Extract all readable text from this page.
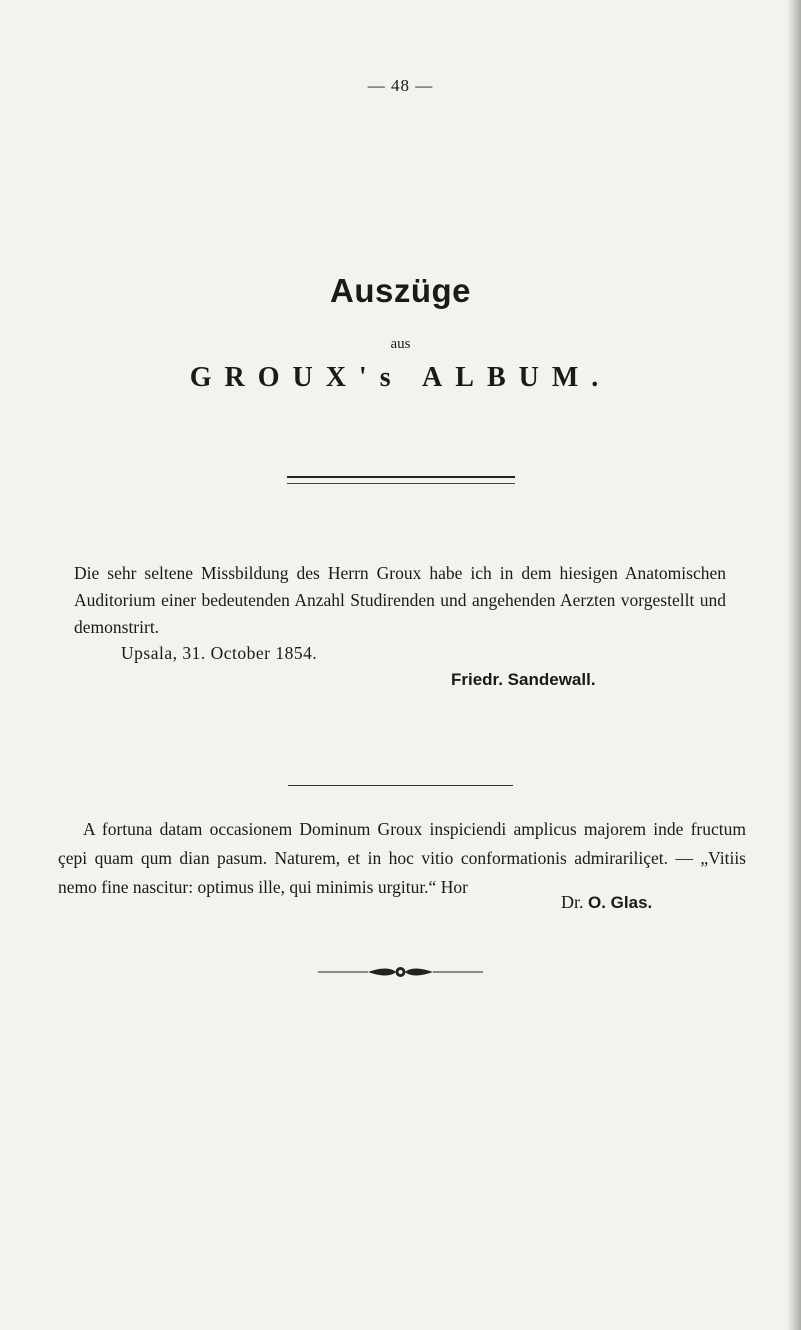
— 48 —
Auszüge
aus
GROUX's ALBUM.

Die sehr seltene Missbildung des Herrn Groux habe ich in dem hiesigen Anatomischen Auditorium einer bedeutenden Anzahl Studirenden und angehenden Aerzten vorgestellt und demonstrirt.

Upsala, 31. October 1854.
Friedr. Sandewall.

A fortuna datam occasionem Dominum Groux inspiciendi amplicus majorem inde fructum çepi quam qum dian pasum. Naturem, et in hoc vitio conformationis admirariliçet. — „Vitiis nemo fine nascitur: optimus ille, qui minimis urgitur.“ Hor

Dr. O. Glas.
